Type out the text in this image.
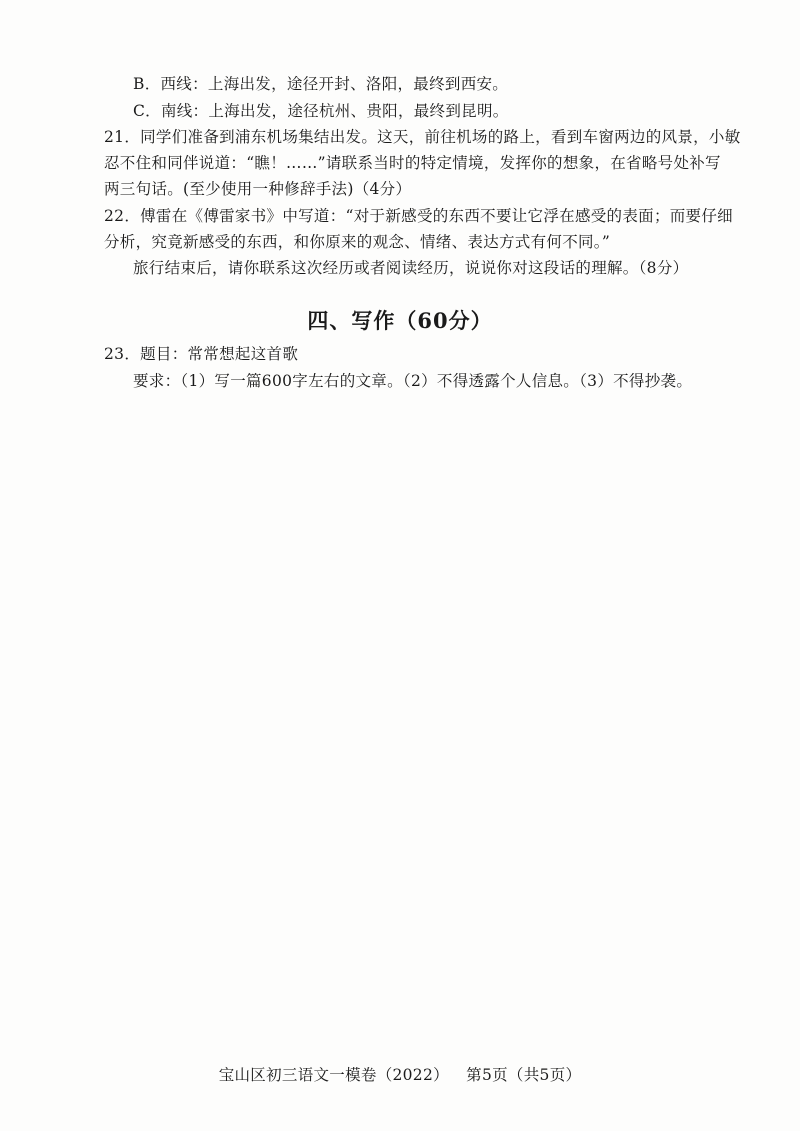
B．西线：上海出发，途径开封、洛阳，最终到西安。
C．南线：上海出发，途径杭州、贵阳，最终到昆明。
21．同学们准备到浦东机场集结出发。这天，前往机场的路上，看到车窗两边的风景，小敏
忍不住和同伴说道：“瞧！……”请联系当时的特定情境，发挥你的想象，在省略号处补写
两三句话。(至少使用一种修辞手法)（4分）
22．傅雷在《傅雷家书》中写道：“对于新感受的东西不要让它浮在感受的表面；而要仔细
分析，究竟新感受的东西，和你原来的观念、情绪、表达方式有何不同。”
旅行结束后，请你联系这次经历或者阅读经历，说说你对这段话的理解。（8分）
四、写作（60分）
23．题目：常常想起这首歌
要求：（1）写一篇600字左右的文章。（2）不得透露个人信息。（3）不得抄袭。
宝山区初三语文一模卷（2022） 第5页（共5页）
